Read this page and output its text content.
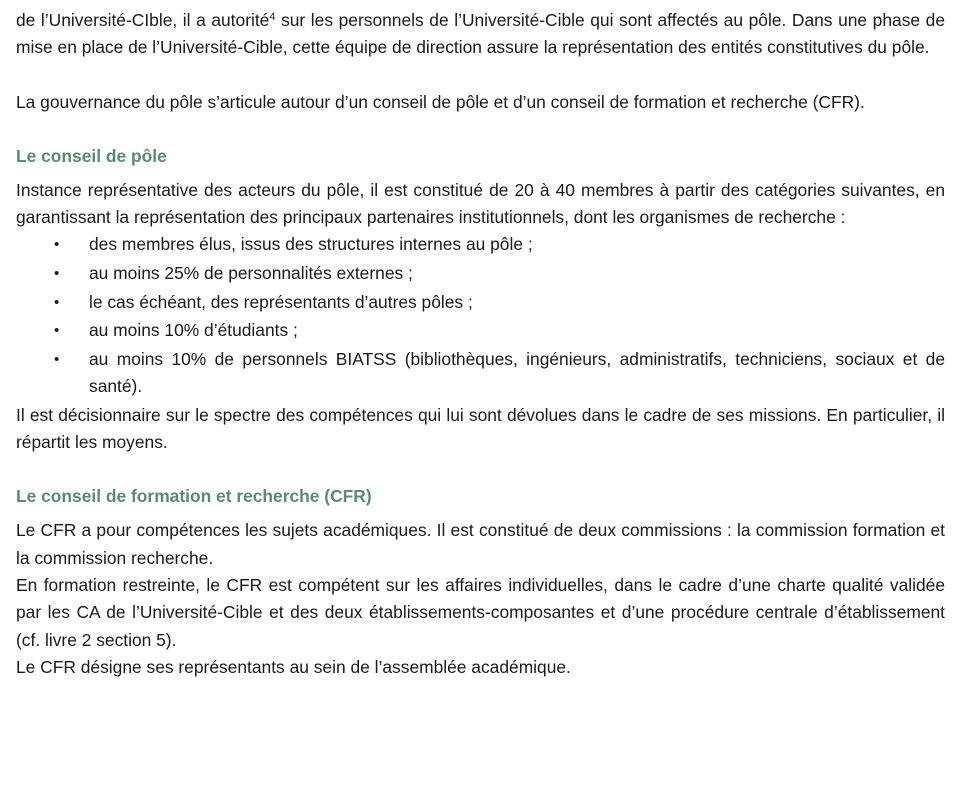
de l’Université-CIble, il a autorité$^4$ sur les personnels de l’Université-Cible qui sont affectés au pôle. Dans une phase de mise en place de l’Université-Cible, cette équipe de direction assure la représentation des entités constitutives du pôle.

La gouvernance du pôle s’articule autour d’un conseil de pôle et d’un conseil de formation et recherche (CFR).

Le conseil de pôle

Instance représentative des acteurs du pôle, il est constitué de 20 à 40 membres à partir des catégories suivantes, en garantissant la représentation des principaux partenaires institutionnels, dont les organismes de recherche :

• des membres élus, issus des structures internes au pôle ;
• au moins 25% de personnalités externes ;
• le cas échéant, des représentants d’autres pôles ;
• au moins 10% d’étudiants ;
• au moins 10% de personnels BIATSS (bibliothèques, ingénieurs, administratifs, techniciens, sociaux et de santé).

Il est décisionnaire sur le spectre des compétences qui lui sont dévolues dans le cadre de ses missions. En particulier, il répartit les moyens.

Le conseil de formation et recherche (CFR)

Le CFR a pour compétences les sujets académiques. Il est constitué de deux commissions : la commission formation et la commission recherche.

En formation restreinte, le CFR est compétent sur les affaires individuelles, dans le cadre d’une charte qualité validée par les CA de l’Université-Cible et des deux établissements-composantes et d’une procédure centrale d’établissement (cf. livre 2 section 5).

Le CFR désigne ses représentants au sein de l’assemblée académique.
